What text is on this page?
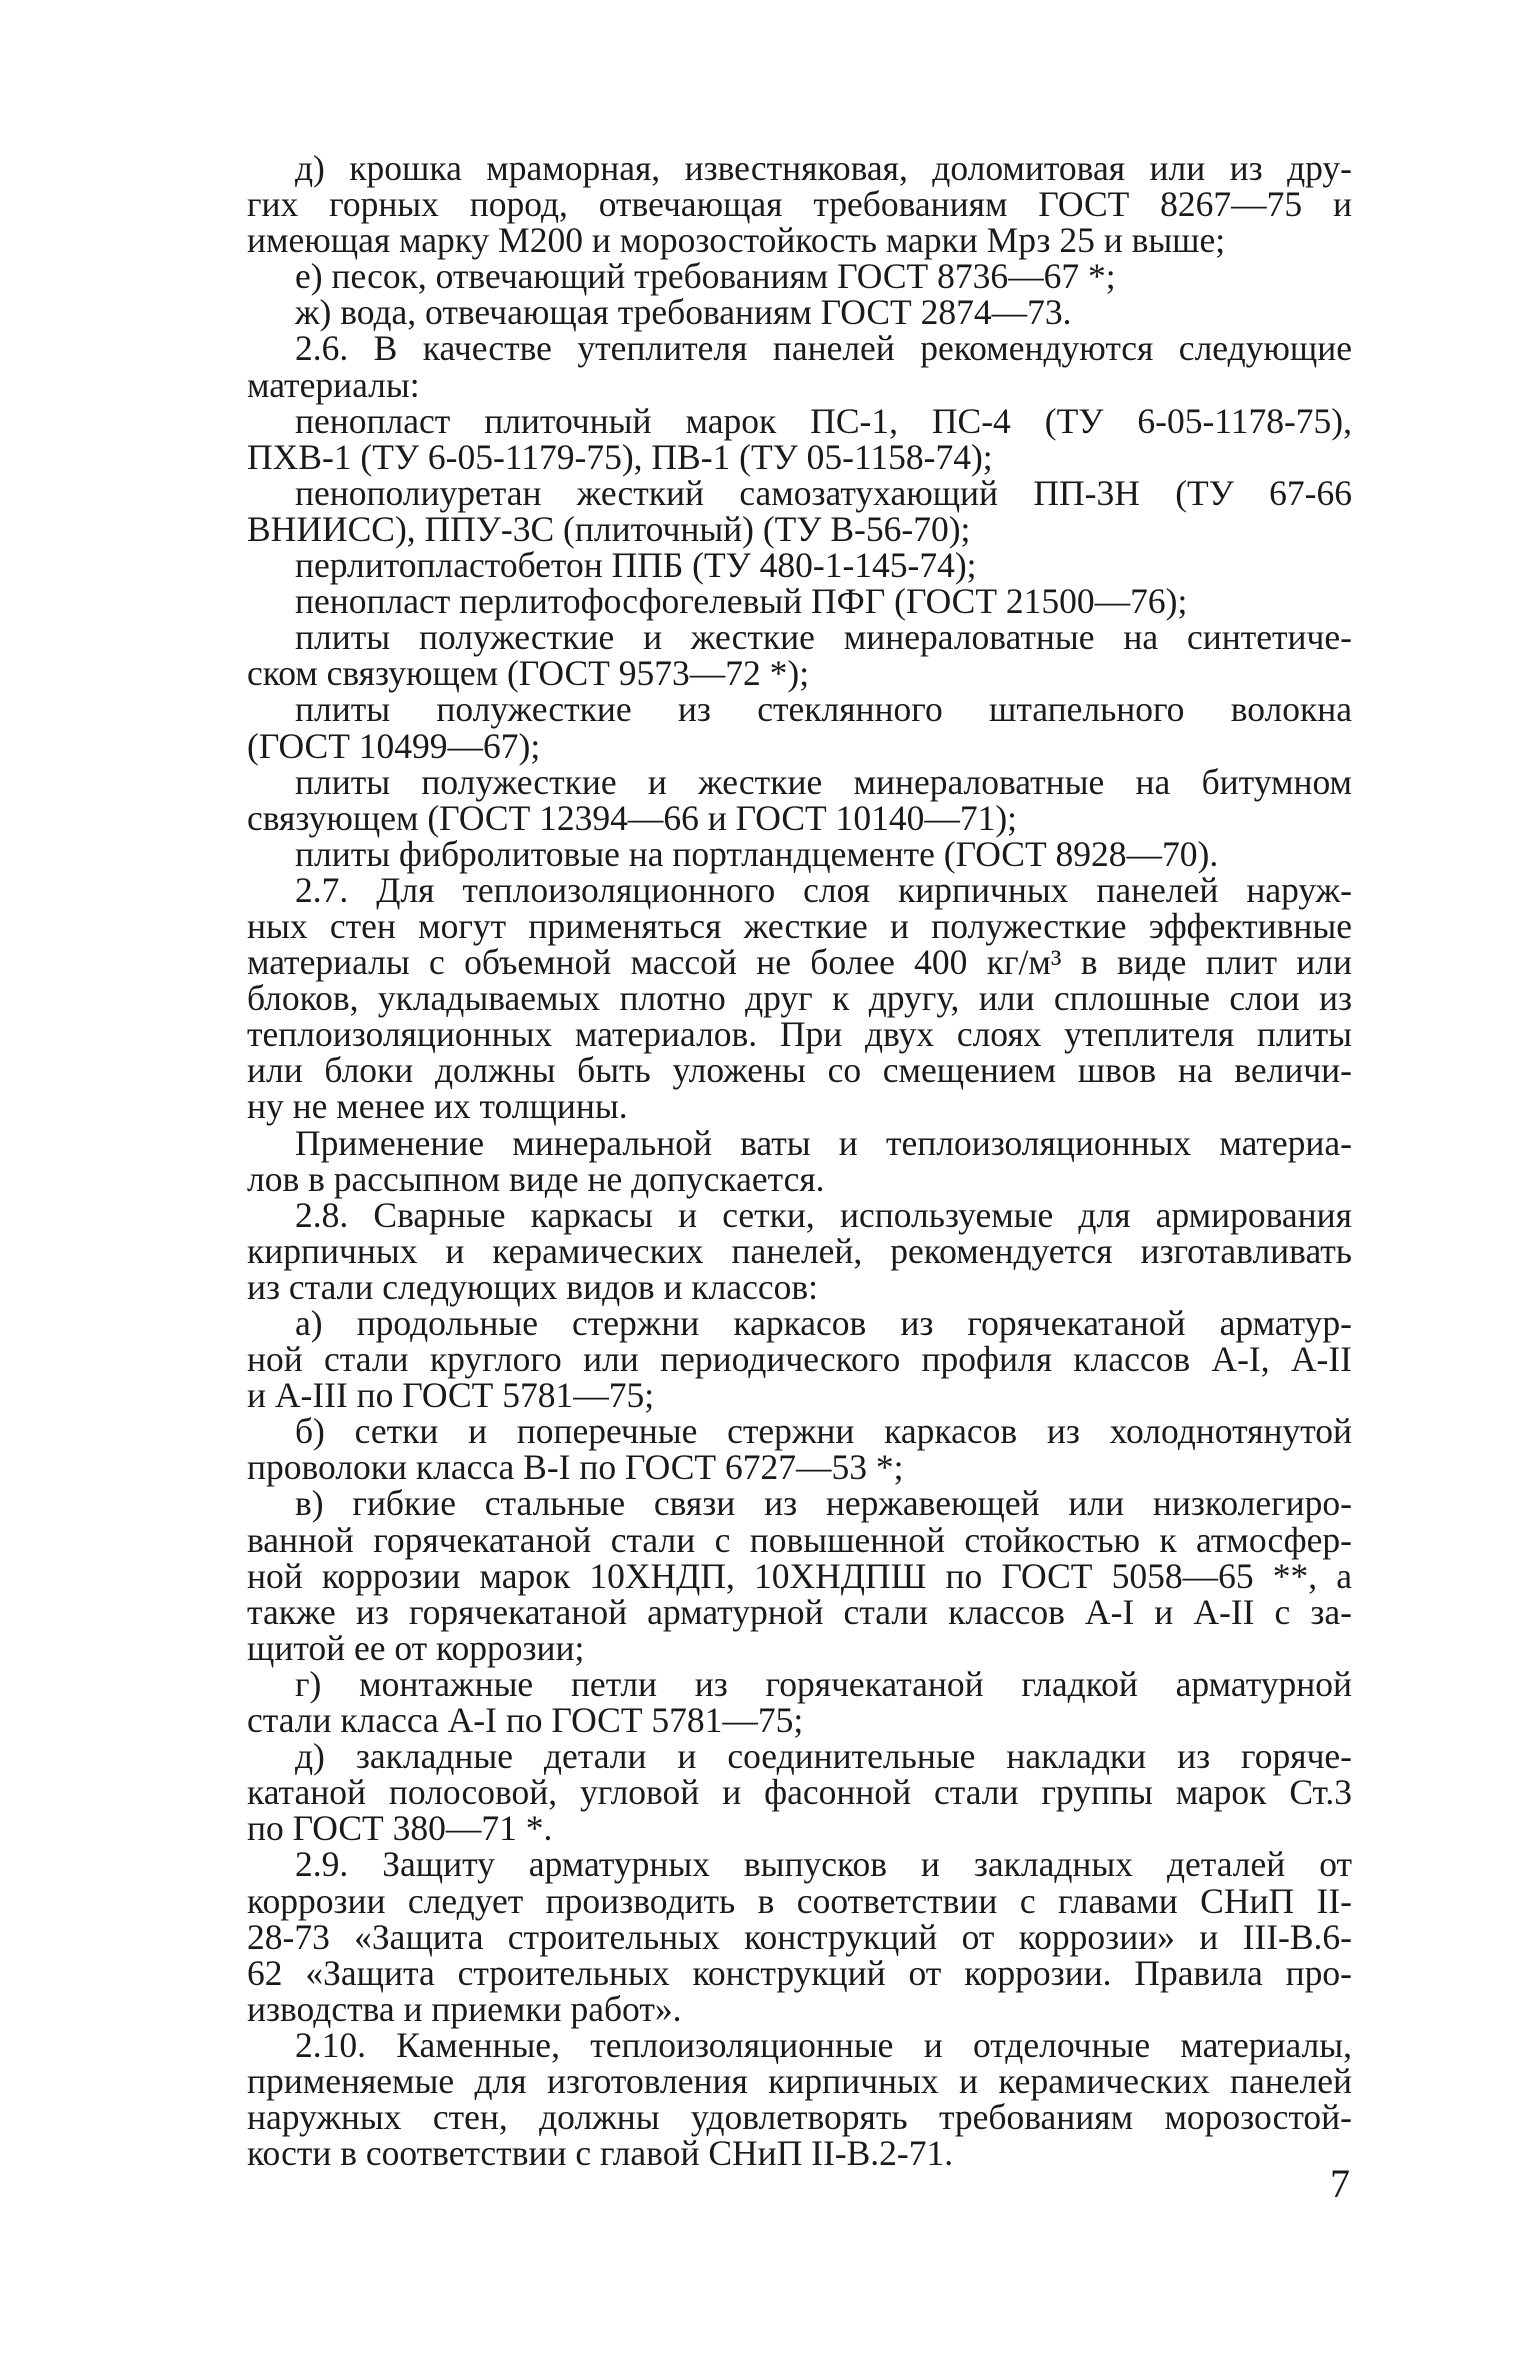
д) крошка мраморная, известняковая, доломитовая или из дру-
гих горных пород, отвечающая требованиям ГОСТ 8267—75 и
имеющая марку М200 и морозостойкость марки Мрз 25 и выше;
е) песок, отвечающий требованиям ГОСТ 8736—67 *;
ж) вода, отвечающая требованиям ГОСТ 2874—73.
2.6. В качестве утеплителя панелей рекомендуются следующие
материалы:
пенопласт плиточный марок ПС-1, ПС-4 (ТУ 6-05-1178-75),
ПХВ-1 (ТУ 6-05-1179-75), ПВ-1 (ТУ 05-1158-74);
пенополиуретан жесткий самозатухающий ПП-3Н (ТУ 67-66
ВНИИСС), ППУ-3С (плиточный) (ТУ В-56-70);
перлитопластобетон ППБ (ТУ 480-1-145-74);
пенопласт перлитофосфогелевый ПФГ (ГОСТ 21500—76);
плиты полужесткие и жесткие минераловатные на синтетиче-
ском связующем (ГОСТ 9573—72 *);
плиты полужесткие из стеклянного штапельного волокна
(ГОСТ 10499—67);
плиты полужесткие и жесткие минераловатные на битумном
связующем (ГОСТ 12394—66 и ГОСТ 10140—71);
плиты фибролитовые на портландцементе (ГОСТ 8928—70).
2.7. Для теплоизоляционного слоя кирпичных панелей наруж-
ных стен могут применяться жесткие и полужесткие эффективные
материалы с объемной массой не более 400 кг/м³ в виде плит или
блоков, укладываемых плотно друг к другу, или сплошные слои из
теплоизоляционных материалов. При двух слоях утеплителя плиты
или блоки должны быть уложены со смещением швов на величи-
ну не менее их толщины.
Применение минеральной ваты и теплоизоляционных материа-
лов в рассыпном виде не допускается.
2.8. Сварные каркасы и сетки, используемые для армирования
кирпичных и керамических панелей, рекомендуется изготавливать
из стали следующих видов и классов:
а) продольные стержни каркасов из горячекатаной арматур-
ной стали круглого или периодического профиля классов А-I, А-II
и А-III по ГОСТ 5781—75;
б) сетки и поперечные стержни каркасов из холоднотянутой
проволоки класса В-I по ГОСТ 6727—53 *;
в) гибкие стальные связи из нержавеющей или низколегиро-
ванной горячекатаной стали с повышенной стойкостью к атмосфер-
ной коррозии марок 10ХНДП, 10ХНДПШ по ГОСТ 5058—65 **, а
также из горячекатаной арматурной стали классов А-I и А-II с за-
щитой ее от коррозии;
г) монтажные петли из горячекатаной гладкой арматурной
стали класса А-I по ГОСТ 5781—75;
д) закладные детали и соединительные накладки из горяче-
катаной полосовой, угловой и фасонной стали группы марок Ст.3
по ГОСТ 380—71 *.
2.9. Защиту арматурных выпусков и закладных деталей от
коррозии следует производить в соответствии с главами СНиП II-
28-73 «Защита строительных конструкций от коррозии» и III-В.6-
62 «Защита строительных конструкций от коррозии. Правила про-
изводства и приемки работ».
2.10. Каменные, теплоизоляционные и отделочные материалы,
применяемые для изготовления кирпичных и керамических панелей
наружных стен, должны удовлетворять требованиям морозостой-
кости в соответствии с главой СНиП II-В.2-71.
7
